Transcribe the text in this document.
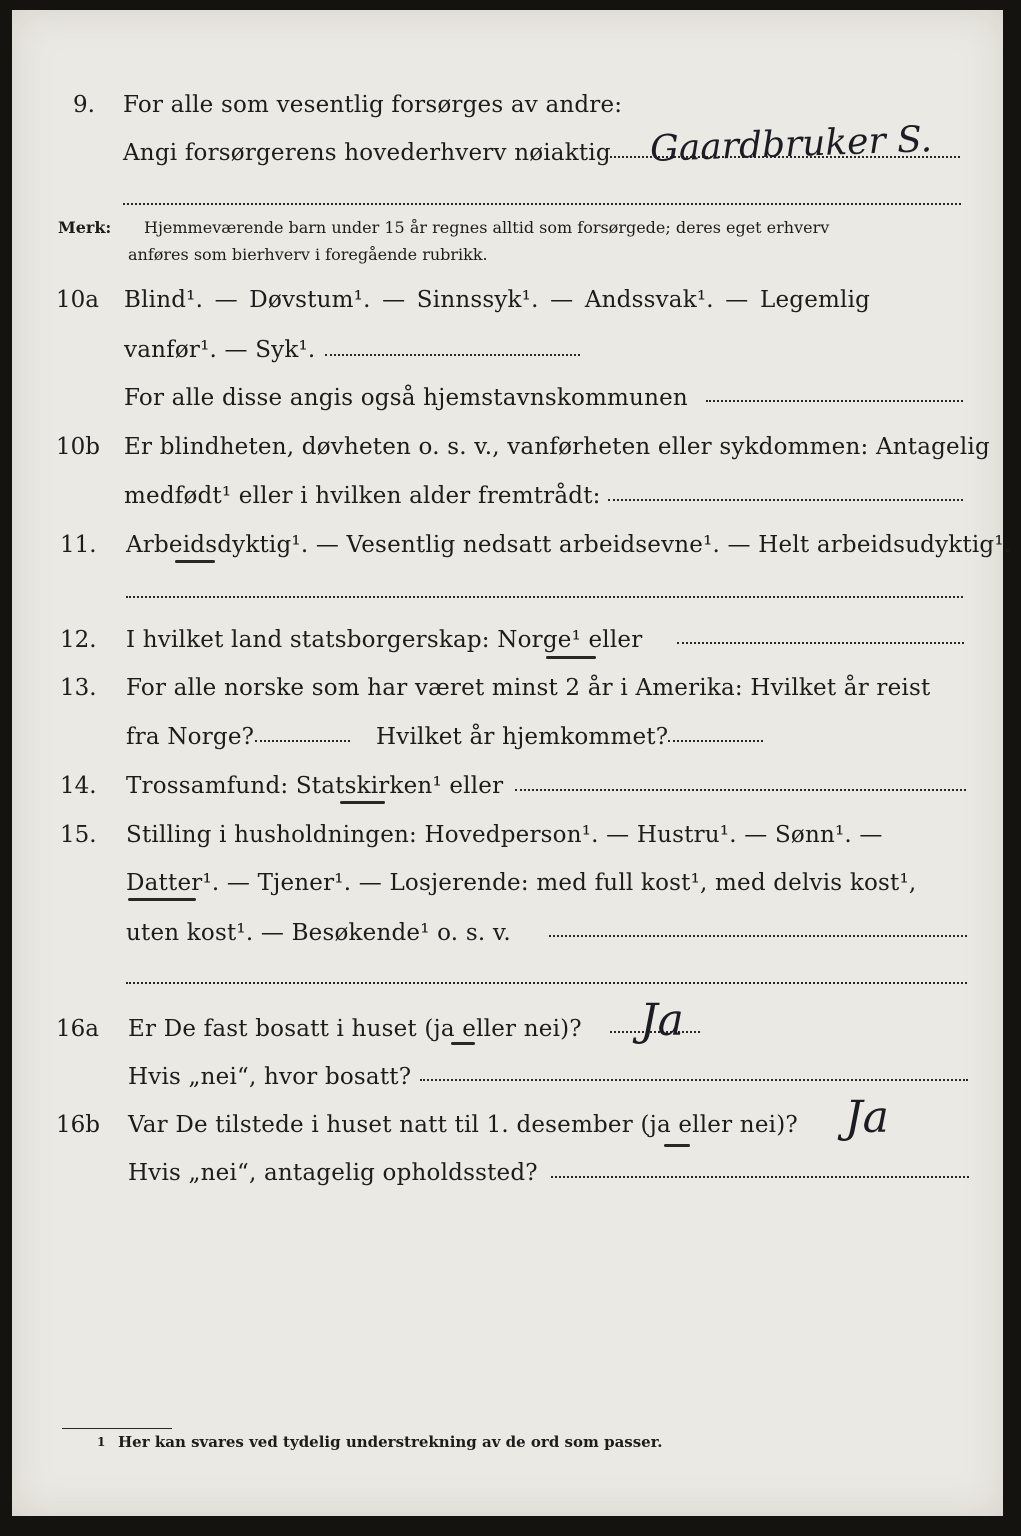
9. For alle som vesentlig forsørges av andre:
Angi forsørgerens hovederhverv nøiaktig Gaardbruker S.
Merk: Hjemmeværende barn under 15 år regnes alltid som forsørgede; deres eget erhverv
anføres som bierhverv i foregående rubrikk.
10a Blind¹. — Døvstum¹. — Sinnssyk¹. — Andssvak¹. — Legemlig
vanfør¹. — Syk¹.
For alle disse angis også hjemstavnskommunen
10b Er blindheten, døvheten o. s. v., vanførheten eller sykdommen: Antagelig
medfødt¹ eller i hvilken alder fremtrådt:
11. Arbeidsdyktig¹. — Vesentlig nedsatt arbeidsevne¹. — Helt arbeidsudyktig¹.
12. I hvilket land statsborgerskap: Norge¹ eller
13. For alle norske som har været minst 2 år i Amerika: Hvilket år reist
fra Norge?	Hvilket år hjemkommet?
14. Trossamfund: Statskirken¹ eller
15. Stilling i husholdningen: Hovedperson¹. — Hustru¹. — Sønn¹. —
Datter¹. — Tjener¹. — Losjerende: med full kost¹, med delvis kost¹,
uten kost¹. — Besøkende¹ o. s. v.
16a Er De fast bosatt i huset (ja eller nei)? Ja
Hvis „nei“, hvor bosatt?
16b Var De tilstede i huset natt til 1. desember (ja eller nei)? Ja
Hvis „nei“, antagelig opholdssted?
1 Her kan svares ved tydelig understrekning av de ord som passer.
